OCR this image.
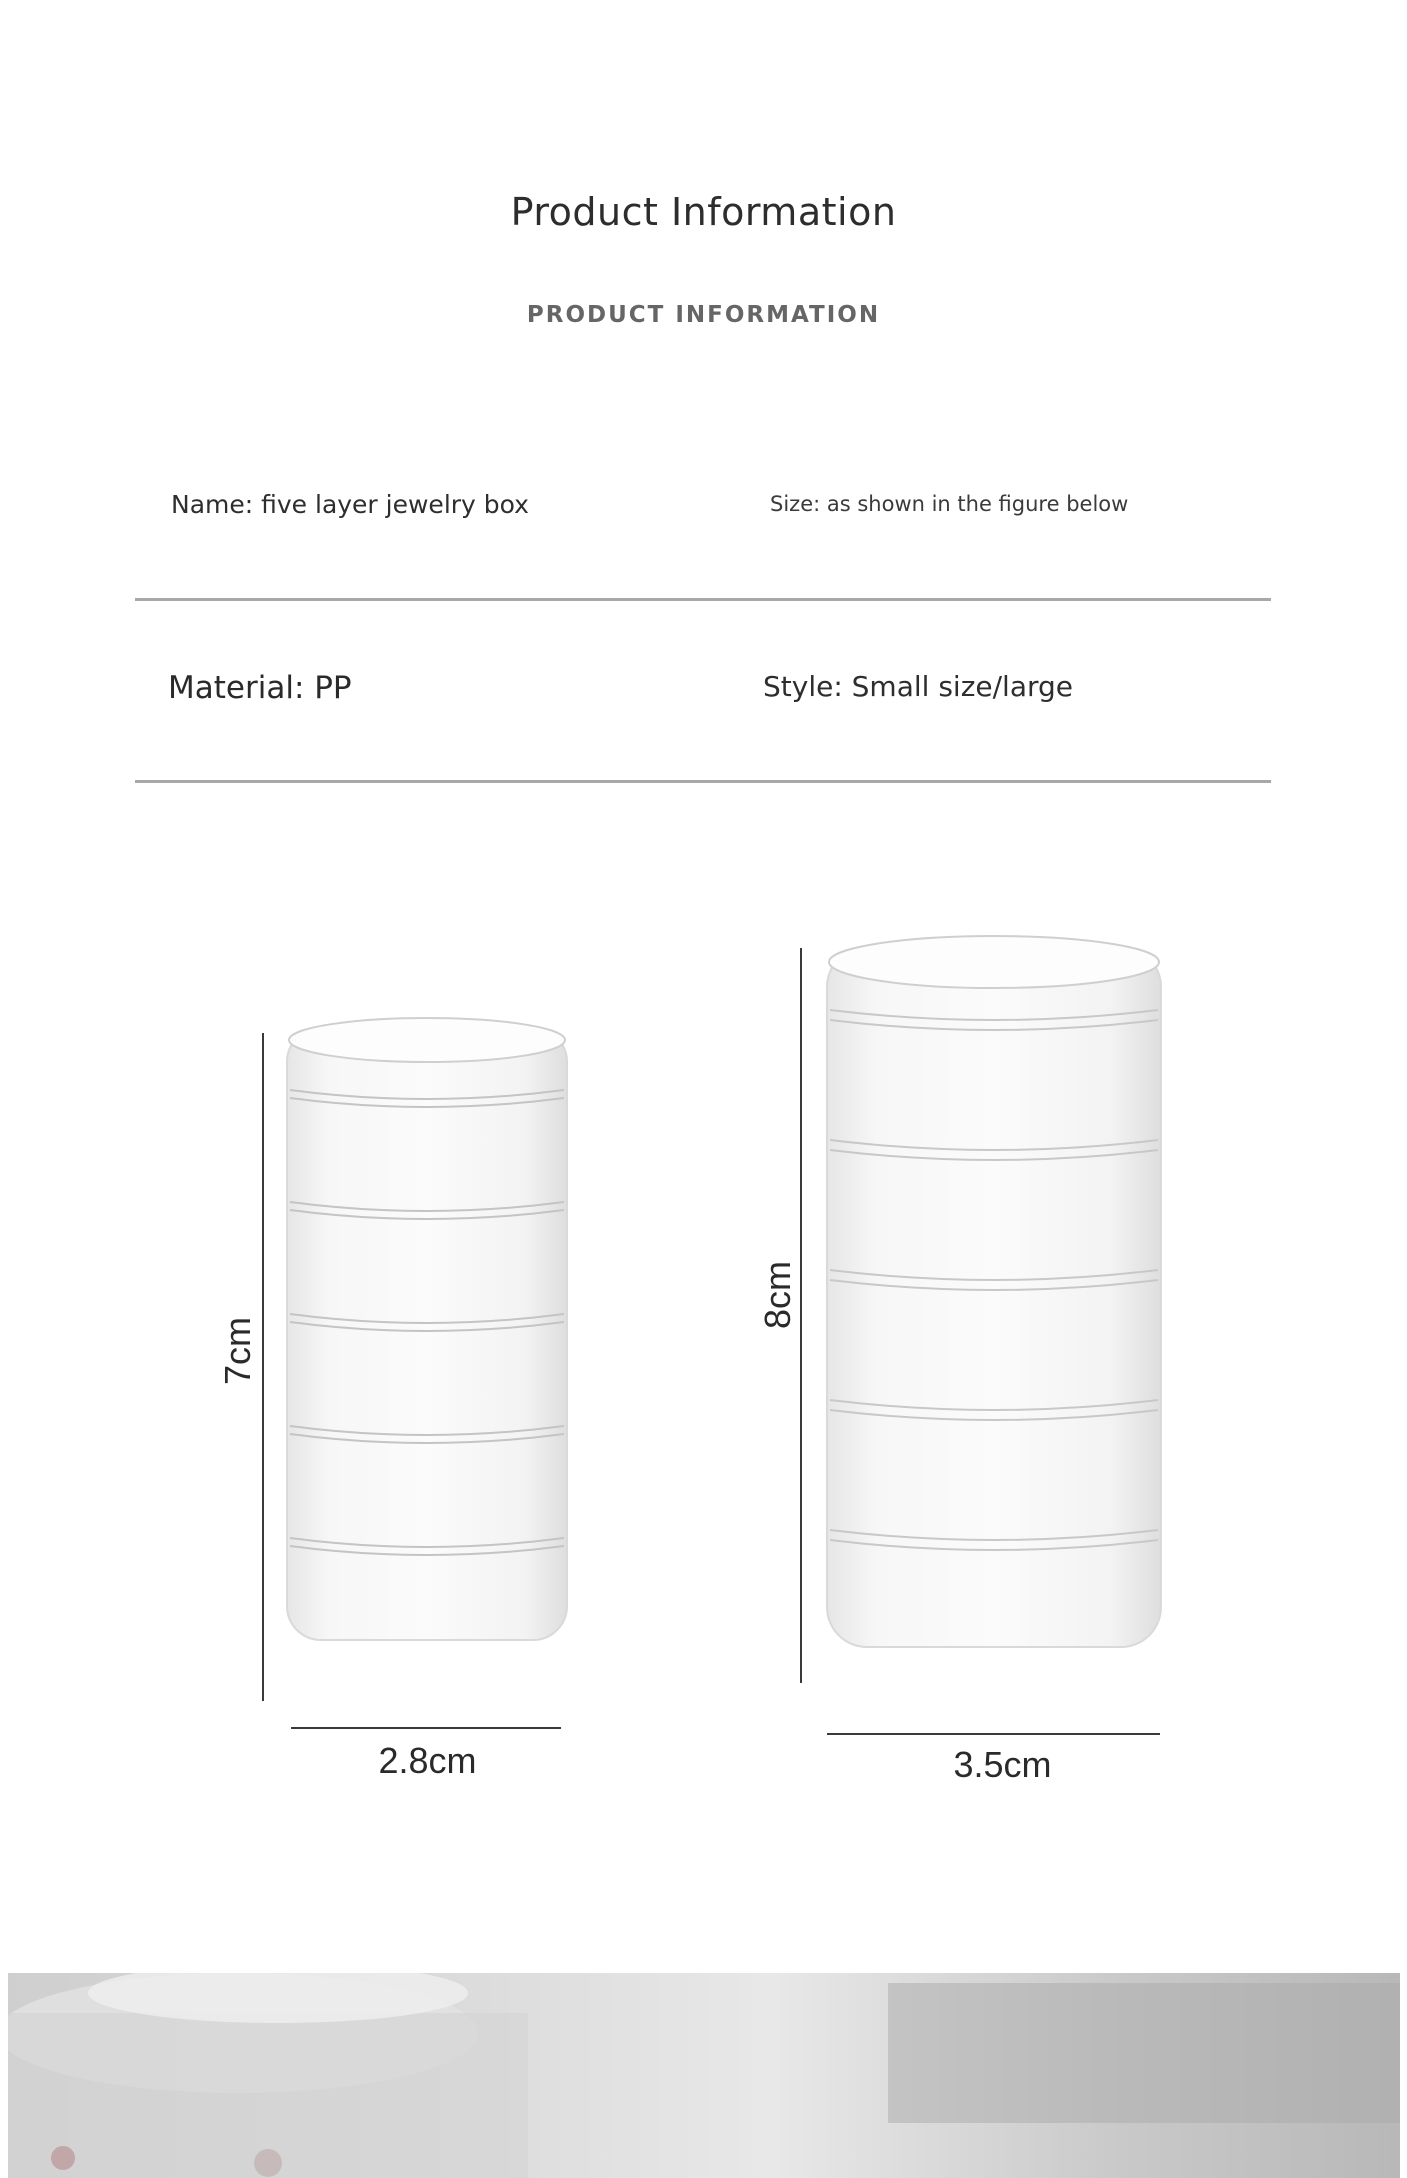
Product Information
PRODUCT INFORMATION
Name: five layer jewelry box	Size: as shown in the figure below
Material: PP	Style: Small size/large
7cm
2.8cm
8cm
3.5cm
